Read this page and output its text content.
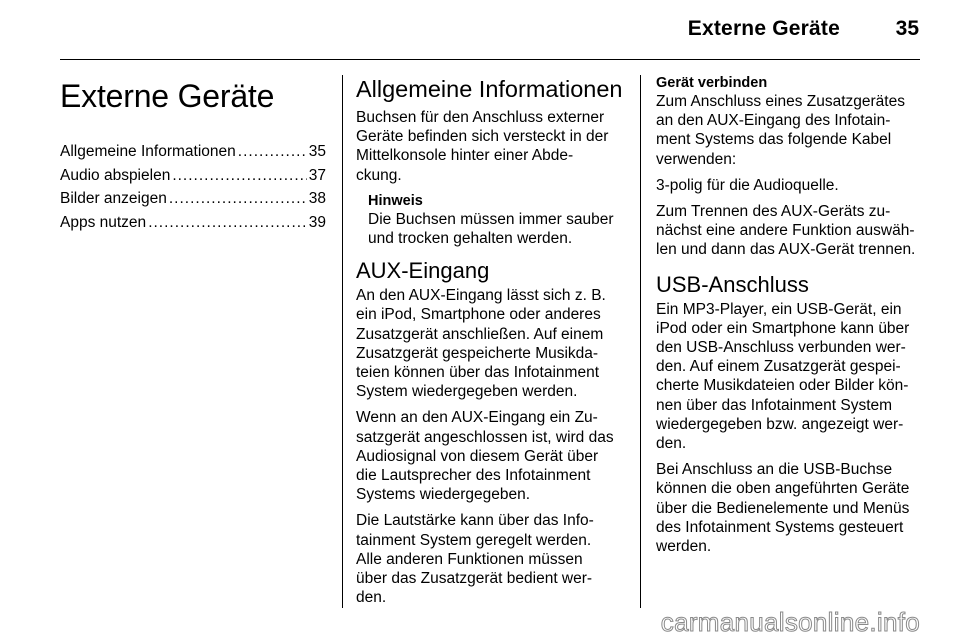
Externe Geräte	35
Externe Geräte
Allgemeine Informationen .....	35
Audio abspielen .....	37
Bilder anzeigen .....	38
Apps nutzen .....	39
Allgemeine Informationen

Buchsen für den Anschluss externer
Geräte befinden sich versteckt in der
Mittelkonsole hinter einer Abde-
ckung.

Hinweis

Die Buchsen müssen immer sauber
und trocken gehalten werden.

AUX-Eingang

An den AUX-Eingang lässt sich z. B.
ein iPod, Smartphone oder anderes
Zusatzgerät anschließen. Auf einem
Zusatzgerät gespeicherte Musikda-
teien können über das Infotainment
System wiedergegeben werden.

Wenn an den AUX-Eingang ein Zu-
satzgerät angeschlossen ist, wird das
Audiosignal von diesem Gerät über
die Lautsprecher des Infotainment
Systems wiedergegeben.

Die Lautstärke kann über das Info-
tainment System geregelt werden.
Alle anderen Funktionen müssen
über das Zusatzgerät bedient wer-
den.

Gerät verbinden

Zum Anschluss eines Zusatzgerätes
an den AUX-Eingang des Infotain-
ment Systems das folgende Kabel
verwenden:

3-polig für die Audioquelle.

Zum Trennen des AUX-Geräts zu-
nächst eine andere Funktion auswäh-
len und dann das AUX-Gerät trennen.

USB-Anschluss

Ein MP3-Player, ein USB-Gerät, ein
iPod oder ein Smartphone kann über
den USB-Anschluss verbunden wer-
den. Auf einem Zusatzgerät gespei-
cherte Musikdateien oder Bilder kön-
nen über das Infotainment System
wiedergegeben bzw. angezeigt wer-
den.

Bei Anschluss an die USB-Buchse
können die oben angeführten Geräte
über die Bedienelemente und Menüs
des Infotainment Systems gesteuert
werden.

carmanualsonline.info
